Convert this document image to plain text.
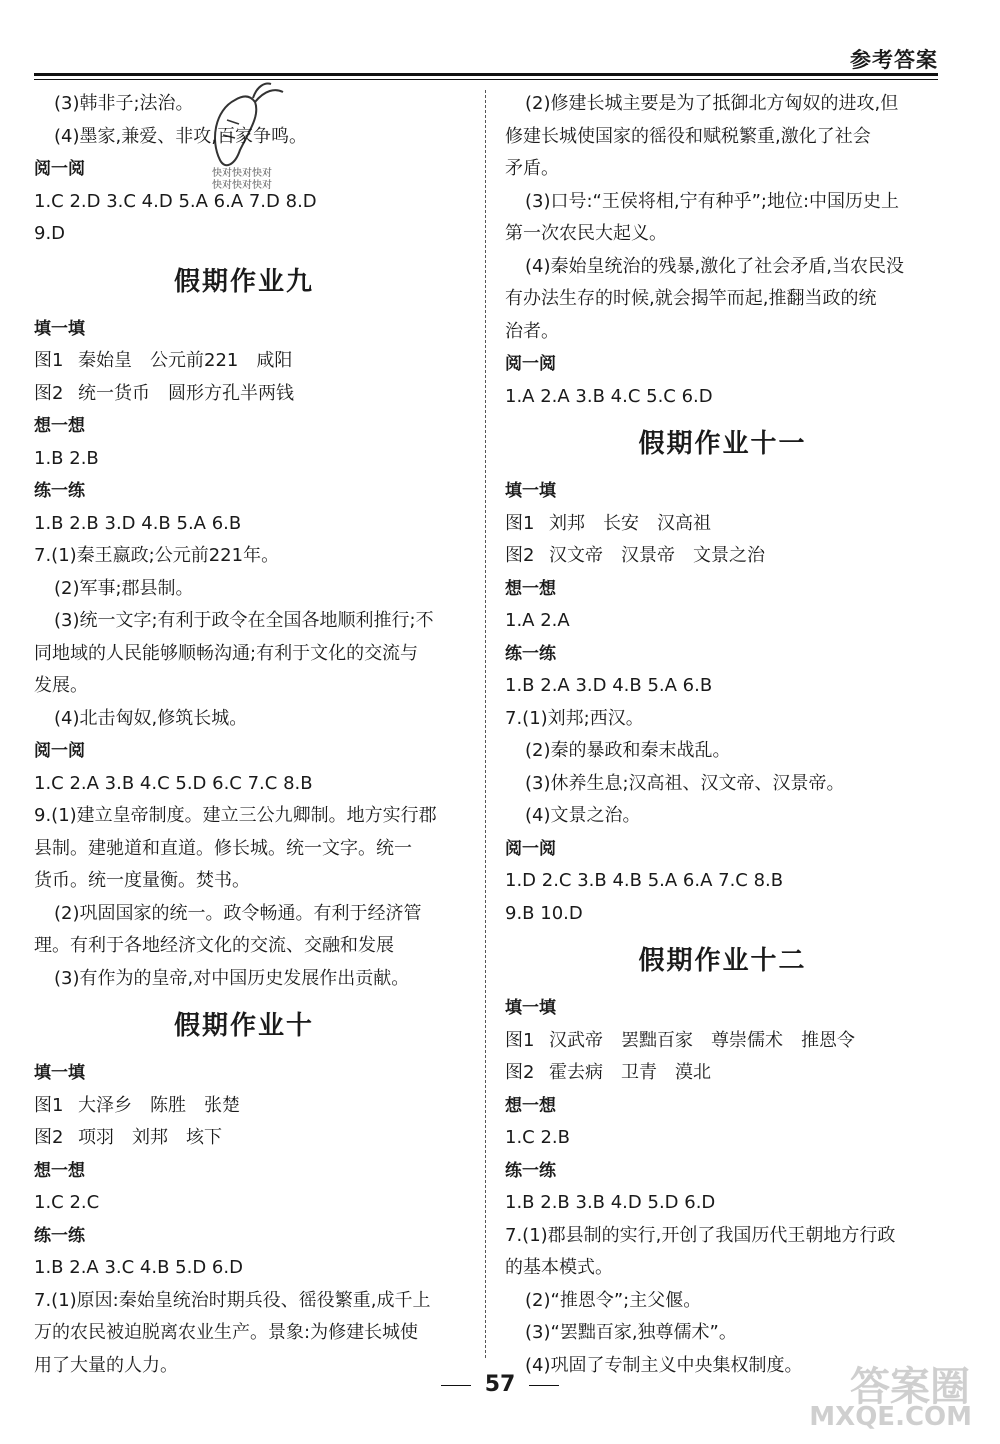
参考答案
快对快对快对
快对快对快对
(3)韩非子;法治。
(4)墨家,兼爱、非攻,百家争鸣。
阅一阅
1.C 2.D 3.C 4.D 5.A 6.A 7.D 8.D
9.D
假期作业九
填一填
图1 秦始皇 公元前221 咸阳
图2 统一货币 圆形方孔半两钱
想一想
1.B 2.B
练一练
1.B 2.B 3.D 4.B 5.A 6.B
7.(1)秦王嬴政;公元前221年。
(2)军事;郡县制。
(3)统一文字;有利于政令在全国各地顺利推行;不
同地域的人民能够顺畅沟通;有利于文化的交流与
发展。
(4)北击匈奴,修筑长城。
阅一阅
1.C 2.A 3.B 4.C 5.D 6.C 7.C 8.B
9.(1)建立皇帝制度。建立三公九卿制。地方实行郡
县制。建驰道和直道。修长城。统一文字。统一
货币。统一度量衡。焚书。
(2)巩固国家的统一。政令畅通。有利于经济管
理。有利于各地经济文化的交流、交融和发展
(3)有作为的皇帝,对中国历史发展作出贡献。
假期作业十
填一填
图1 大泽乡 陈胜 张楚
图2 项羽 刘邦 垓下
想一想
1.C 2.C
练一练
1.B 2.A 3.C 4.B 5.D 6.D
7.(1)原因:秦始皇统治时期兵役、徭役繁重,成千上
万的农民被迫脱离农业生产。景象:为修建长城使
用了大量的人力。
(2)修建长城主要是为了抵御北方匈奴的进攻,但
修建长城使国家的徭役和赋税繁重,激化了社会
矛盾。
(3)口号:“王侯将相,宁有种乎”;地位:中国历史上
第一次农民大起义。
(4)秦始皇统治的残暴,激化了社会矛盾,当农民没
有办法生存的时候,就会揭竿而起,推翻当政的统
治者。
阅一阅
1.A 2.A 3.B 4.C 5.C 6.D
假期作业十一
填一填
图1 刘邦 长安 汉高祖
图2 汉文帝 汉景帝 文景之治
想一想
1.A 2.A
练一练
1.B 2.A 3.D 4.B 5.A 6.B
7.(1)刘邦;西汉。
(2)秦的暴政和秦末战乱。
(3)休养生息;汉高祖、汉文帝、汉景帝。
(4)文景之治。
阅一阅
1.D 2.C 3.B 4.B 5.A 6.A 7.C 8.B
9.B 10.D
假期作业十二
填一填
图1 汉武帝 罢黜百家 尊崇儒术 推恩令
图2 霍去病 卫青 漠北
想一想
1.C 2.B
练一练
1.B 2.B 3.B 4.D 5.D 6.D
7.(1)郡县制的实行,开创了我国历代王朝地方行政
的基本模式。
(2)“推恩令”;主父偃。
(3)“罢黜百家,独尊儒术”。
(4)巩固了专制主义中央集权制度。
57	答案圈
MXQE.COM
